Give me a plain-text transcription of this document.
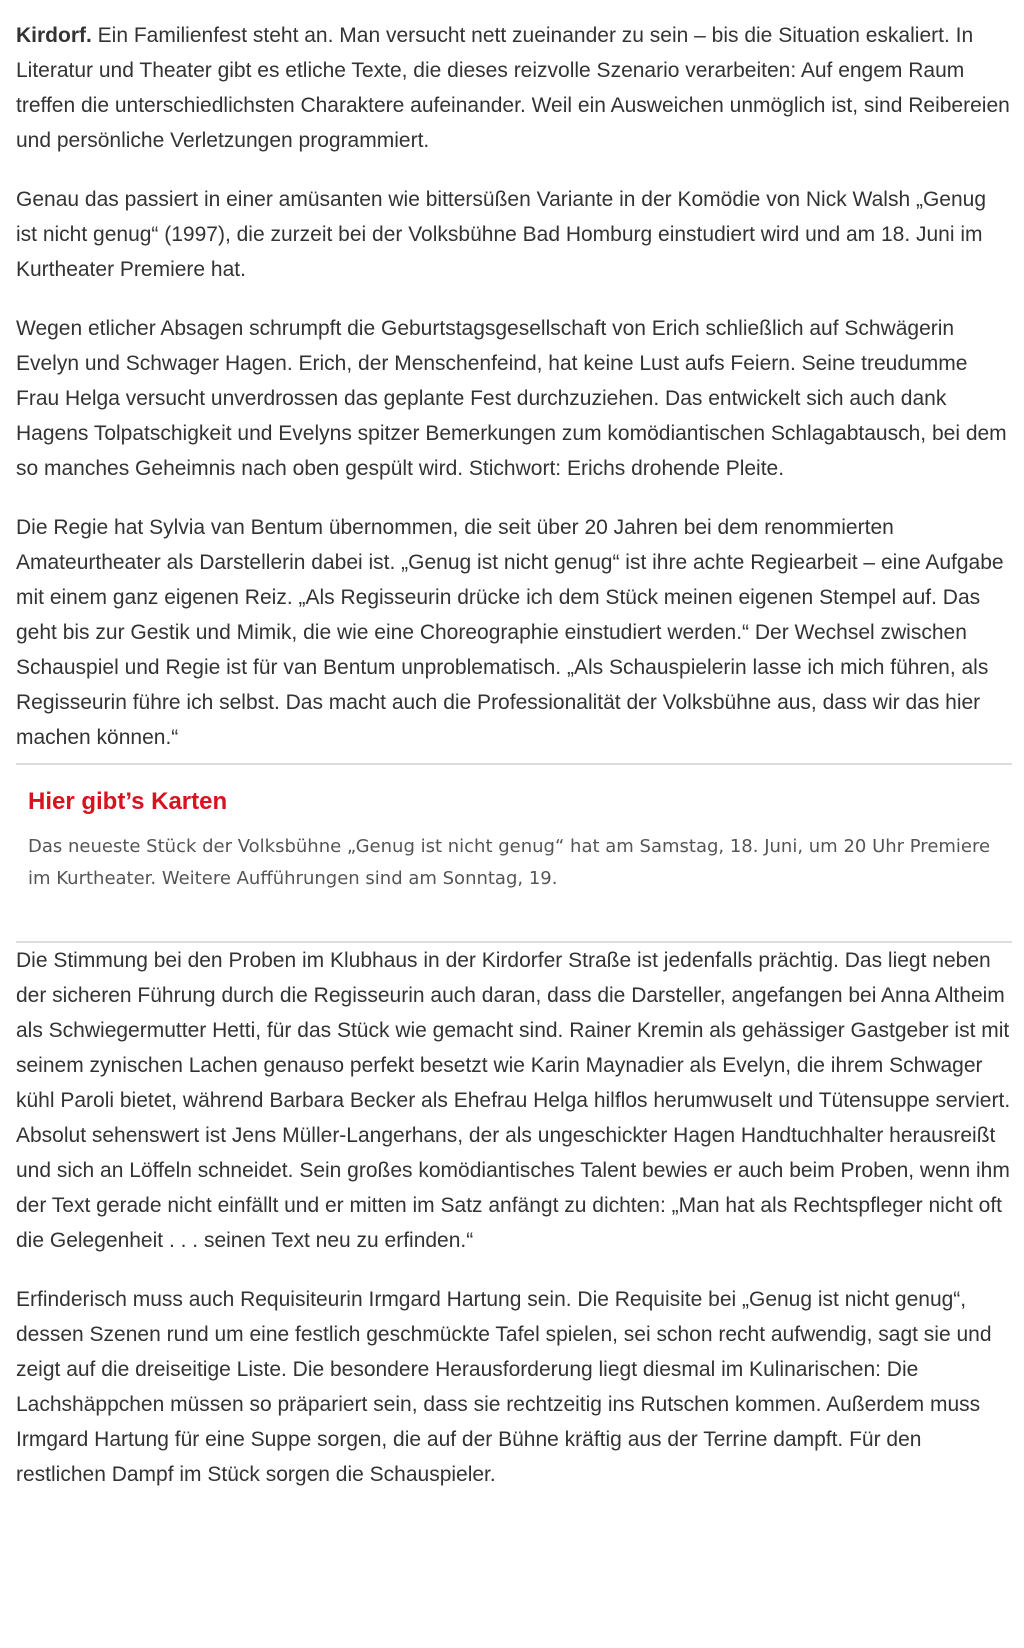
Kirdorf. Ein Familienfest steht an. Man versucht nett zueinander zu sein – bis die Situation eskaliert. In Literatur und Theater gibt es etliche Texte, die dieses reizvolle Szenario verarbeiten: Auf engem Raum treffen die unterschiedlichsten Charaktere aufeinander. Weil ein Ausweichen unmöglich ist, sind Reibereien und persönliche Verletzungen programmiert.

Genau das passiert in einer amüsanten wie bittersüßen Variante in der Komödie von Nick Walsh „Genug ist nicht genug“ (1997), die zurzeit bei der Volksbühne Bad Homburg einstudiert wird und am 18. Juni im Kurtheater Premiere hat.

Wegen etlicher Absagen schrumpft die Geburtstagsgesellschaft von Erich schließlich auf Schwägerin Evelyn und Schwager Hagen. Erich, der Menschenfeind, hat keine Lust aufs Feiern. Seine treudumme Frau Helga versucht unverdrossen das geplante Fest durchzuziehen. Das entwickelt sich auch dank Hagens Tolpatschigkeit und Evelyns spitzer Bemerkungen zum komödiantischen Schlagabtausch, bei dem so manches Geheimnis nach oben gespült wird. Stichwort: Erichs drohende Pleite.

Die Regie hat Sylvia van Bentum übernommen, die seit über 20 Jahren bei dem renommierten Amateurtheater als Darstellerin dabei ist. „Genug ist nicht genug“ ist ihre achte Regiearbeit – eine Aufgabe mit einem ganz eigenen Reiz. „Als Regisseurin drücke ich dem Stück meinen eigenen Stempel auf. Das geht bis zur Gestik und Mimik, die wie eine Choreographie einstudiert werden.“ Der Wechsel zwischen Schauspiel und Regie ist für van Bentum unproblematisch. „Als Schauspielerin lasse ich mich führen, als Regisseurin führe ich selbst. Das macht auch die Professionalität der Volksbühne aus, dass wir das hier machen können.“

Hier gibt’s Karten

Das neueste Stück der Volksbühne „Genug ist nicht genug“ hat am Samstag, 18. Juni, um 20 Uhr Premiere im Kurtheater. Weitere Aufführungen sind am Sonntag, 19.

Die Stimmung bei den Proben im Klubhaus in der Kirdorfer Straße ist jedenfalls prächtig. Das liegt neben der sicheren Führung durch die Regisseurin auch daran, dass die Darsteller, angefangen bei Anna Altheim als Schwiegermutter Hetti, für das Stück wie gemacht sind. Rainer Kremin als gehässiger Gastgeber ist mit seinem zynischen Lachen genauso perfekt besetzt wie Karin Maynadier als Evelyn, die ihrem Schwager kühl Paroli bietet, während Barbara Becker als Ehefrau Helga hilflos herumwuselt und Tütensuppe serviert. Absolut sehenswert ist Jens Müller-Langerhans, der als ungeschickter Hagen Handtuchhalter herausreißt und sich an Löffeln schneidet. Sein großes komödiantisches Talent bewies er auch beim Proben, wenn ihm der Text gerade nicht einfällt und er mitten im Satz anfängt zu dichten: „Man hat als Rechtspfleger nicht oft die Gelegenheit . . . seinen Text neu zu erfinden.“

Erfinderisch muss auch Requisiteurin Irmgard Hartung sein. Die Requisite bei „Genug ist nicht genug“, dessen Szenen rund um eine festlich geschmückte Tafel spielen, sei schon recht aufwendig, sagt sie und zeigt auf die dreiseitige Liste. Die besondere Herausforderung liegt diesmal im Kulinarischen: Die Lachshäppchen müssen so präpariert sein, dass sie rechtzeitig ins Rutschen kommen. Außerdem muss Irmgard Hartung für eine Suppe sorgen, die auf der Bühne kräftig aus der Terrine dampft. Für den restlichen Dampf im Stück sorgen die Schauspieler.
